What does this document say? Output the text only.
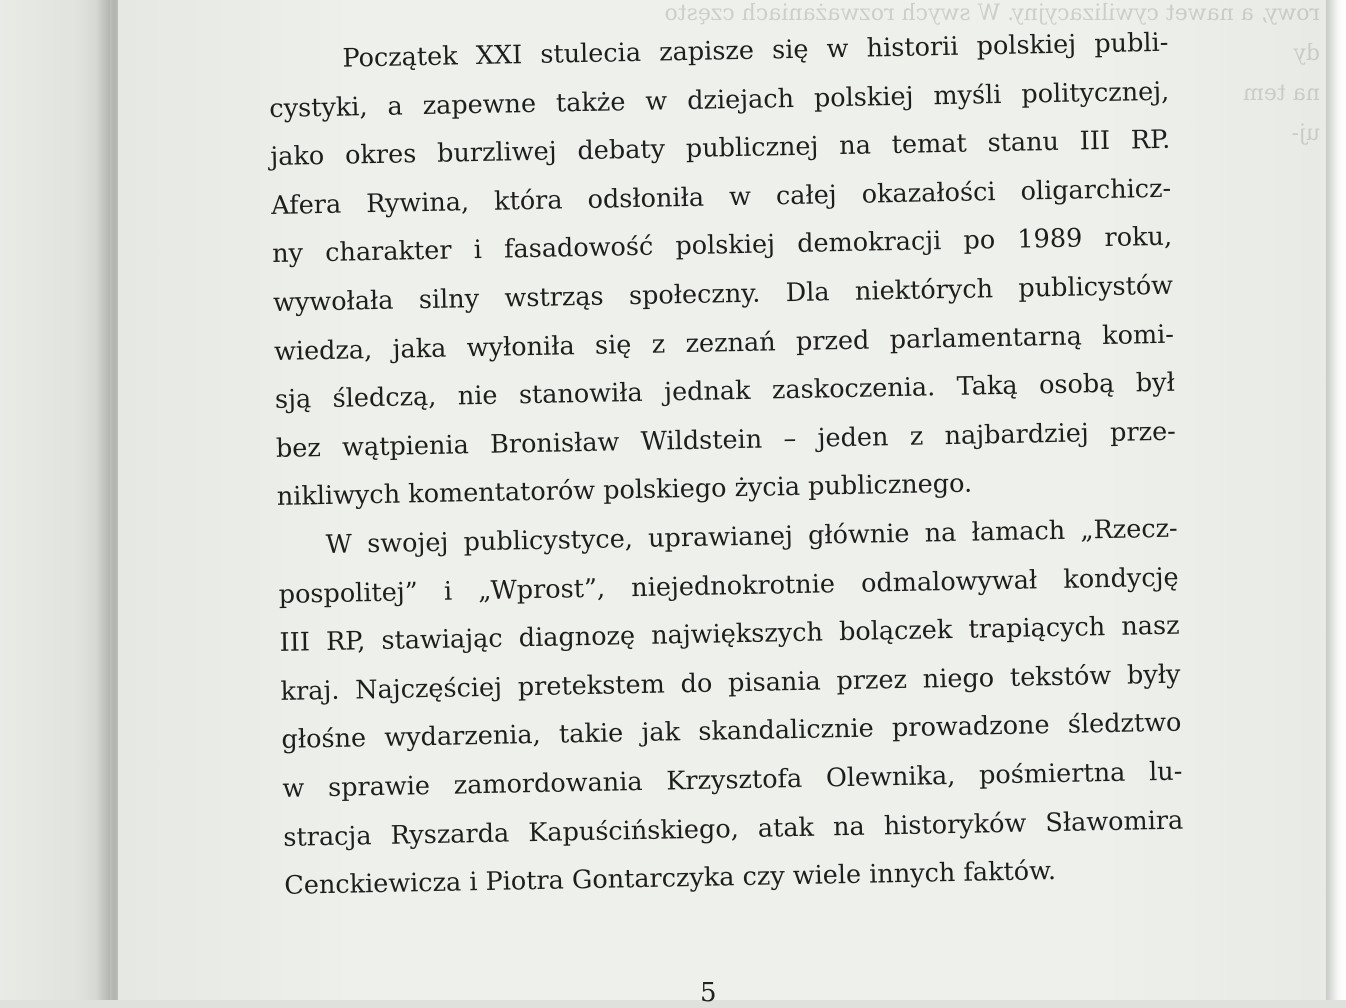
rowy, a nawet cywilizacyjny. W swych rozważaniach często
dy
na tem
uj-
Początek XXI stulecia zapisze się w historii polskiej publi-
cystyki, a zapewne także w dziejach polskiej myśli politycznej,
jako okres burzliwej debaty publicznej na temat stanu III RP.
Afera Rywina, która odsłoniła w całej okazałości oligarchicz-
ny charakter i fasadowość polskiej demokracji po 1989 roku,
wywołała silny wstrząs społeczny. Dla niektórych publicystów
wiedza, jaka wyłoniła się z zeznań przed parlamentarną komi-
sją śledczą, nie stanowiła jednak zaskoczenia. Taką osobą był
bez wątpienia Bronisław Wildstein – jeden z najbardziej prze-
nikliwych komentatorów polskiego życia publicznego.
W swojej publicystyce, uprawianej głównie na łamach „Rzecz-
pospolitej” i „Wprost”, niejednokrotnie odmalowywał kondycję
III RP, stawiając diagnozę największych bolączek trapiących nasz
kraj. Najczęściej pretekstem do pisania przez niego tekstów były
głośne wydarzenia, takie jak skandalicznie prowadzone śledztwo
w sprawie zamordowania Krzysztofa Olewnika, pośmiertna lu-
stracja Ryszarda Kapuścińskiego, atak na historyków Sławomira
Cenckiewicza i Piotra Gontarczyka czy wiele innych faktów.
5
